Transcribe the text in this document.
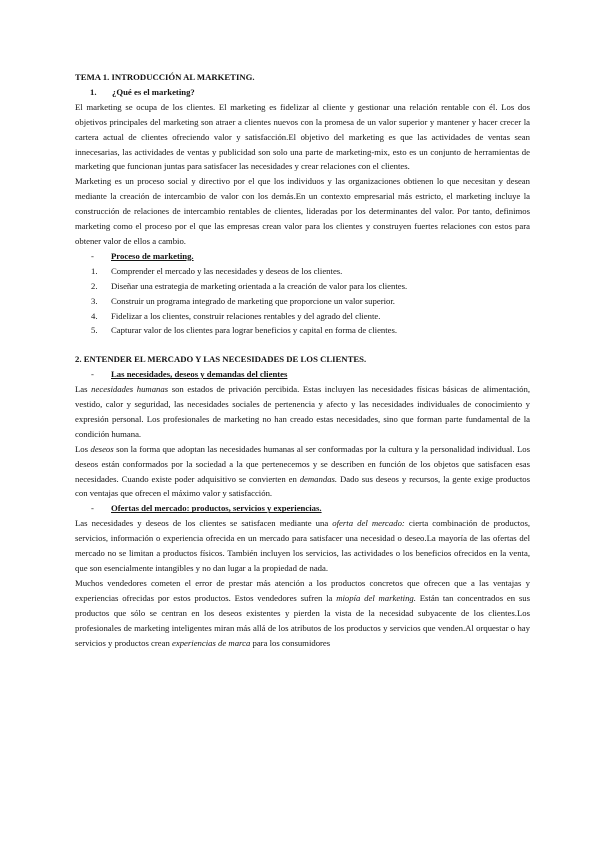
TEMA 1. INTRODUCCIÓN AL MARKETING.

1. ¿Qué es el marketing?

El marketing se ocupa de los clientes. El marketing es fidelizar al cliente y gestionar una relación rentable con él. Los dos objetivos principales del marketing son atraer a clientes nuevos con la promesa de un valor superior y mantener y hacer crecer la cartera actual de clientes ofreciendo valor y satisfacción.El objetivo del marketing es que las actividades de ventas sean innecesarias, las actividades de ventas y publicidad son solo una parte de marketing-mix, esto es un conjunto de herramientas de marketing que funcionan juntas para satisfacer las necesidades y crear relaciones con el clientes.

Marketing es un proceso social y directivo por el que los individuos y las organizaciones obtienen lo que necesitan y desean mediante la creación de intercambio de valor con los demás.En un contexto empresarial más estricto, el marketing incluye la construcción de relaciones de intercambio rentables de clientes, lideradas por los determinantes del valor. Por tanto, definimos marketing como el proceso por el que las empresas crean valor para los clientes y construyen fuertes relaciones con estos para obtener valor de ellos a cambio.

- Proceso de marketing.

1. Comprender el mercado y las necesidades y deseos de los clientes.
2. Diseñar una estrategia de marketing orientada a la creación de valor para los clientes.
3. Construir un programa integrado de marketing que proporcione un valor superior.
4. Fidelizar a los clientes, construir relaciones rentables y del agrado del cliente.
5. Capturar valor de los clientes para lograr beneficios y capital en forma de clientes.

2. ENTENDER EL MERCADO Y LAS NECESIDADES DE LOS CLIENTES.

- Las necesidades, deseos y demandas del clientes

Las necesidades humanas son estados de privación percibida. Estas incluyen las necesidades físicas básicas de alimentación, vestido, calor y seguridad, las necesidades sociales de pertenencia y afecto y las necesidades individuales de conocimiento y expresión personal. Los profesionales de marketing no han creado estas necesidades, sino que forman parte fundamental de la condición humana.

Los deseos son la forma que adoptan las necesidades humanas al ser conformadas por la cultura y la personalidad individual. Los deseos están conformados por la sociedad a la que pertenecemos y se describen en función de los objetos que satisfacen esas necesidades. Cuando existe poder adquisitivo se convierten en demandas. Dado sus deseos y recursos, la gente exige productos con ventajas que ofrecen el máximo valor y satisfacción.

- Ofertas del mercado: productos, servicios y experiencias.

Las necesidades y deseos de los clientes se satisfacen mediante una oferta del mercado: cierta combinación de productos, servicios, información o experiencia ofrecida en un mercado para satisfacer una necesidad o deseo.La mayoría de las ofertas del mercado no se limitan a productos físicos. También incluyen los servicios, las actividades o los beneficios ofrecidos en la venta, que son esencialmente intangibles y no dan lugar a la propiedad de nada.

Muchos vendedores cometen el error de prestar más atención a los productos concretos que ofrecen que a las ventajas y experiencias ofrecidas por estos productos. Estos vendedores sufren la miopía del marketing. Están tan concentrados en sus productos que sólo se centran en los deseos existentes y pierden la vista de la necesidad subyacente de los clientes.Los profesionales de marketing inteligentes miran más allá de los atributos de los productos y servicios que venden.Al orquestar o hay servicios y productos crean experiencias de marca para los consumidores
